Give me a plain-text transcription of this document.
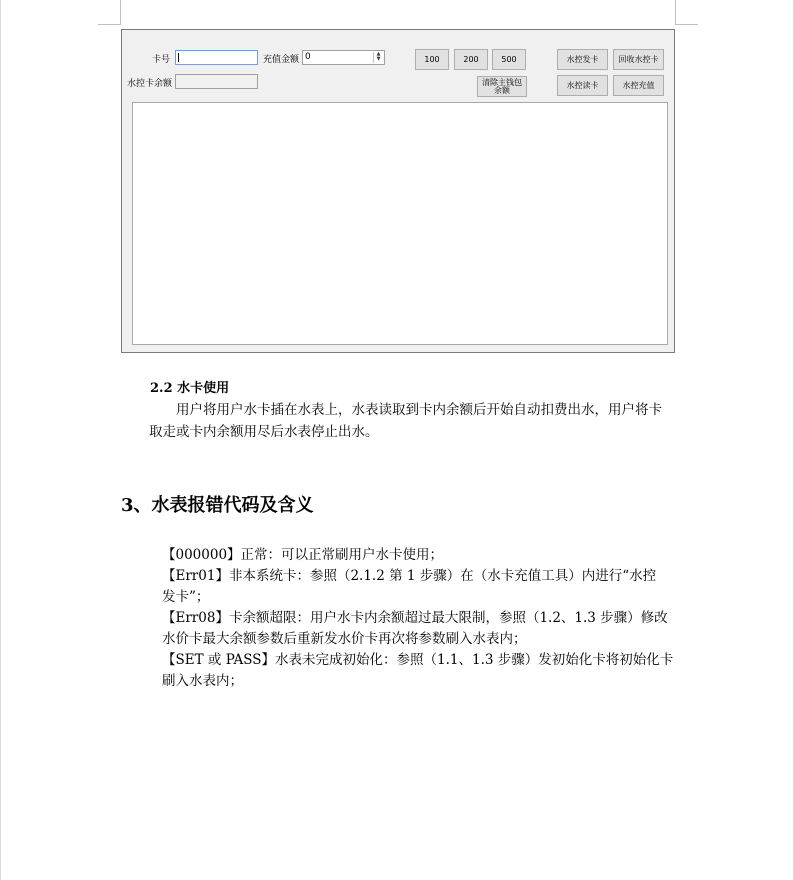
卡号	充值金额 0	▲
▼
水控卡余额
100	200	500
清除主钱包
余额
水控发卡	回收水控卡
水控读卡	水控充值
2.2 水卡使用
用户将用户水卡插在水表上，水表读取到卡内余额后开始自动扣费出水，用户将卡
取走或卡内余额用尽后水表停止出水。
3、水表报错代码及含义
【000000】正常：可以正常刷用户水卡使用；
【Err01】非本系统卡：参照（2.1.2 第 1 步骤）在（水卡充值工具）内进行“水控
发卡”；
【Err08】卡余额超限：用户水卡内余额超过最大限制，参照（1.2、1.3 步骤）修改
水价卡最大余额参数后重新发水价卡再次将参数刷入水表内；
【SET 或 PASS】水表未完成初始化：参照（1.1、1.3 步骤）发初始化卡将初始化卡
刷入水表内；
